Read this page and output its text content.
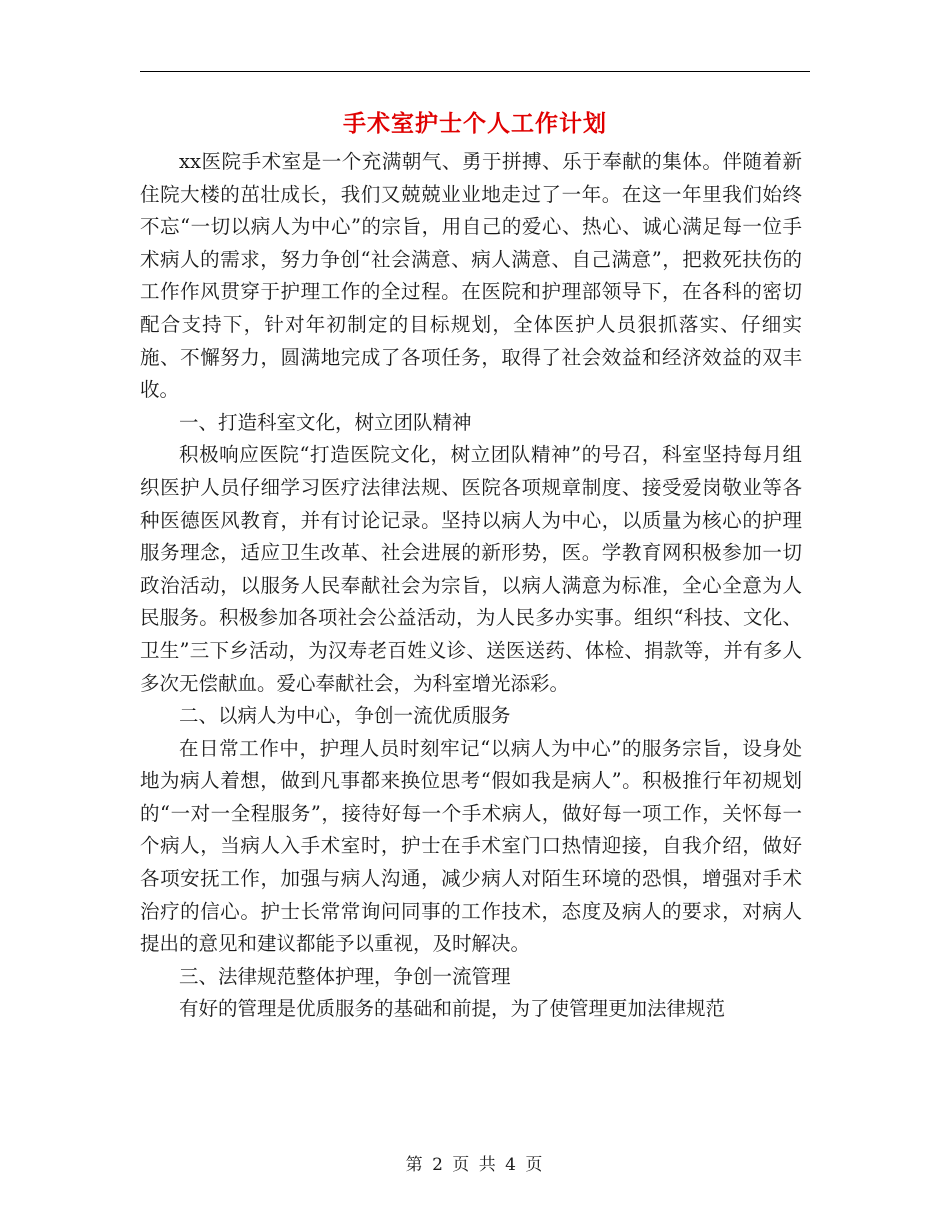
手术室护士个人工作计划

xx医院手术室是一个充满朝气、勇于拼搏、乐于奉献的集体。伴随着新住院大楼的茁壮成长，我们又兢兢业业地走过了一年。在这一年里我们始终不忘“一切以病人为中心”的宗旨，用自己的爱心、热心、诚心满足每一位手术病人的需求，努力争创“社会满意、病人满意、自己满意”，把救死扶伤的工作作风贯穿于护理工作的全过程。在医院和护理部领导下，在各科的密切配合支持下，针对年初制定的目标规划，全体医护人员狠抓落实、仔细实施、不懈努力，圆满地完成了各项任务，取得了社会效益和经济效益的双丰收。

一、打造科室文化，树立团队精神

积极响应医院“打造医院文化，树立团队精神”的号召，科室坚持每月组织医护人员仔细学习医疗法律法规、医院各项规章制度、接受爱岗敬业等各种医德医风教育，并有讨论记录。坚持以病人为中心，以质量为核心的护理服务理念，适应卫生改革、社会进展的新形势，医。学教育网积极参加一切政治活动，以服务人民奉献社会为宗旨，以病人满意为标准，全心全意为人民服务。积极参加各项社会公益活动，为人民多办实事。组织“科技、文化、卫生”三下乡活动，为汉寿老百姓义诊、送医送药、体检、捐款等，并有多人多次无偿献血。爱心奉献社会，为科室增光添彩。

二、以病人为中心，争创一流优质服务

在日常工作中，护理人员时刻牢记“以病人为中心”的服务宗旨，设身处地为病人着想，做到凡事都来换位思考“假如我是病人”。积极推行年初规划的“一对一全程服务”，接待好每一个手术病人，做好每一项工作，关怀每一个病人，当病人入手术室时，护士在手术室门口热情迎接，自我介绍，做好各项安抚工作，加强与病人沟通，减少病人对陌生环境的恐惧，增强对手术治疗的信心。护士长常常询问同事的工作技术，态度及病人的要求，对病人提出的意见和建议都能予以重视，及时解决。

三、法律规范整体护理，争创一流管理

有好的管理是优质服务的基础和前提，为了使管理更加法律规范

第 2 页 共 4 页
